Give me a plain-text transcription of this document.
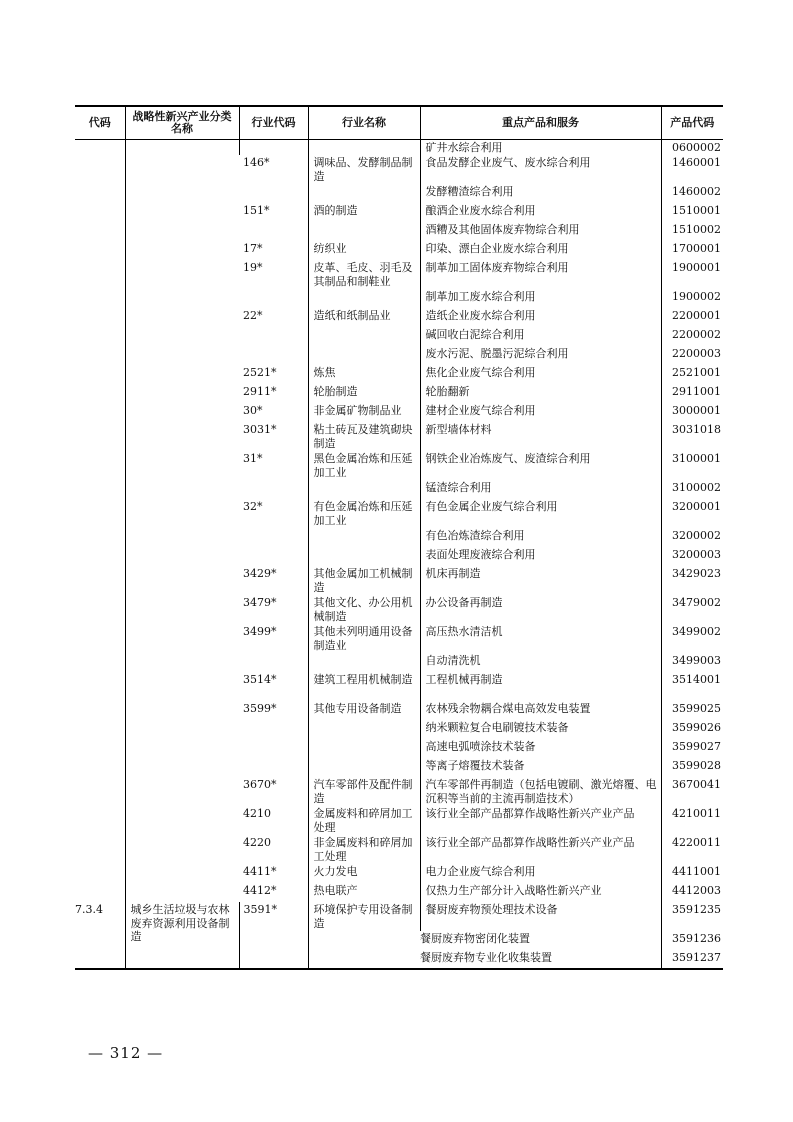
代码	战略性新兴产业分类名称	行业代码	行业名称	重点产品和服务	产品代码
				矿井水综合利用	0600002
		146*	调味品、发酵制品制造	食品发酵企业废气、废水综合利用	1460001
				发酵糟渣综合利用	1460002
		151*	酒的制造	酿酒企业废水综合利用	1510001
				酒糟及其他固体废弃物综合利用	1510002
		17*	纺织业	印染、漂白企业废水综合利用	1700001
		19*	皮革、毛皮、羽毛及其制品和制鞋业	制革加工固体废弃物综合利用	1900001
				制革加工废水综合利用	1900002
		22*	造纸和纸制品业	造纸企业废水综合利用	2200001
				碱回收白泥综合利用	2200002
				废水污泥、脱墨污泥综合利用	2200003
		2521*	炼焦	焦化企业废气综合利用	2521001
		2911*	轮胎制造	轮胎翻新	2911001
		30*	非金属矿物制品业	建材企业废气综合利用	3000001
		3031*	粘土砖瓦及建筑砌块制造	新型墙体材料	3031018
		31*	黑色金属冶炼和压延加工业	钢铁企业冶炼废气、废渣综合利用	3100001
				锰渣综合利用	3100002
		32*	有色金属冶炼和压延加工业	有色金属企业废气综合利用	3200001
				有色冶炼渣综合利用	3200002
				表面处理废液综合利用	3200003
		3429*	其他金属加工机械制造	机床再制造	3429023
		3479*	其他文化、办公用机械制造	办公设备再制造	3479002
		3499*	其他未列明通用设备制造业	高压热水清洁机	3499002
				自动清洗机	3499003
		3514*	建筑工程用机械制造	工程机械再制造	3514001
		3599*	其他专用设备制造	农林残余物耦合煤电高效发电装置	3599025
				纳米颗粒复合电刷镀技术装备	3599026
				高速电弧喷涂技术装备	3599027
				等离子熔覆技术装备	3599028
		3670*	汽车零部件及配件制造	汽车零部件再制造（包括电镀刷、激光熔覆、电沉积等当前的主流再制造技术）	3670041
		4210	金属废料和碎屑加工处理	该行业全部产品都算作战略性新兴产业产品	4210011
		4220	非金属废料和碎屑加工处理	该行业全部产品都算作战略性新兴产业产品	4220011
		4411*	火力发电	电力企业废气综合利用	4411001
		4412*	热电联产	仅热力生产部分计入战略性新兴产业	4412003
7.3.4	城乡生活垃圾与农林废弃资源利用设备制造	3591*	环境保护专用设备制造	餐厨废弃物预处理技术设备	3591235
				餐厨废弃物密闭化装置	3591236
				餐厨废弃物专业化收集装置	3591237
— 312 —
